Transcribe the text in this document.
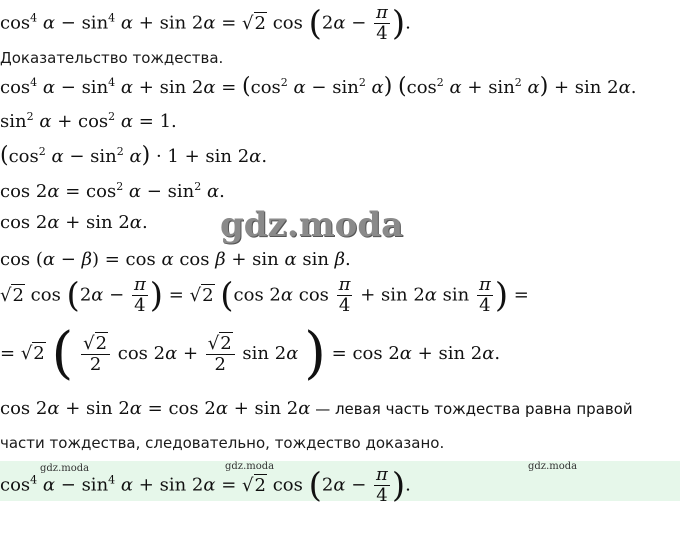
$\cos^4 \alpha - \sin^4 \alpha + \sin 2\alpha = √2$ $\cos (2\alpha - \frac{\pi}{4}$ ).
Доказательство тождества.
$\cos^4 \alpha - \sin^4 \alpha + \sin 2\alpha = (\cos^2$ $\alpha - \sin^2 \alpha$) ($\cos^2$ $\alpha + \sin^2 \alpha) + \sin 2\alpha$.
$\sin^2 \alpha + \cos^2 \alpha = 1$.
($\cos^2$ $\alpha - \sin^2 \alpha) \cdot 1 + \sin 2\alpha$.
$\cos 2\alpha = \cos^2 \alpha - \sin^2 \alpha$.
cos 2α + sin 2α. gdz.moda
cos (α − β) = cos α cos β + sin α sin β.
√2 $\cos (2\alpha - \frac{\pi}{4}$ ) = √2 (cos 2α $\cos \frac{\pi}{4} + \sin 2\alpha$ $\sin \frac{\pi}{4}$ ) =
= √2 ( $\frac{√2}{2}$ $\cos 2\alpha + \frac{√2}{2}$ sin 2α ) = cos 2α + sin 2α.
cos 2α + sin 2α = cos 2α + sin 2α — левая часть тождества равна правой
части тождества, следовательно, тождество доказано.
$\cos^4 \alpha - \sin^4 \alpha + \sin 2\alpha = √2$ $\cos (2\alpha - \frac{\pi}{4}$ ).
gdz.moda	gdz.moda	gdz.moda
